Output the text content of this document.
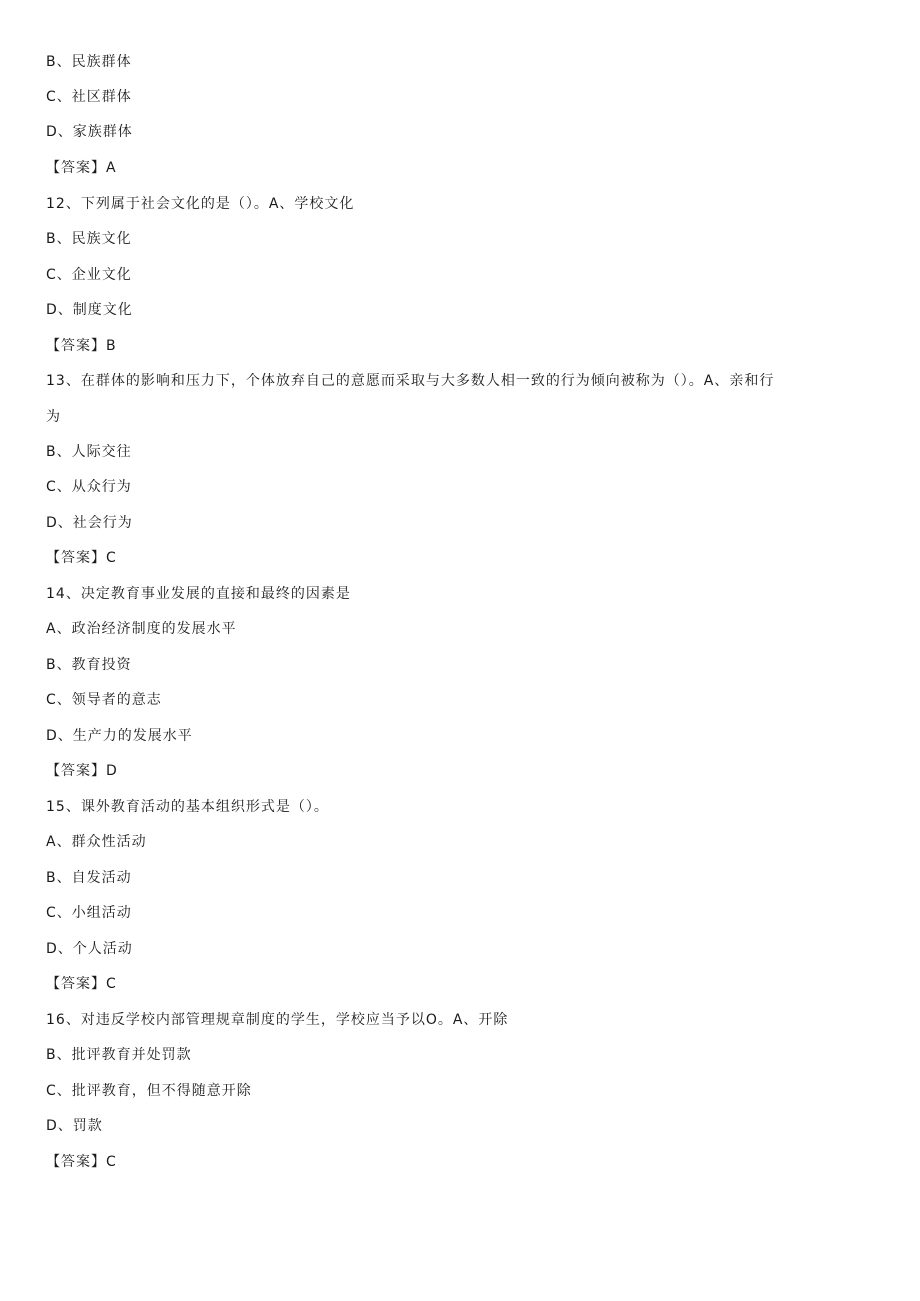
B、民族群体
C、社区群体
D、家族群体
【答案】A
12、下列属于社会文化的是（）。A、学校文化
B、民族文化
C、企业文化
D、制度文化
【答案】B
13、在群体的影响和压力下，个体放弃自己的意愿而采取与大多数人相一致的行为倾向被称为（）。A、亲和行
为
B、人际交往
C、从众行为
D、社会行为
【答案】C
14、决定教育事业发展的直接和最终的因素是
A、政治经济制度的发展水平
B、教育投资
C、领导者的意志
D、生产力的发展水平
【答案】D
15、课外教育活动的基本组织形式是（）。
A、群众性活动
B、自发活动
C、小组活动
D、个人活动
【答案】C
16、对违反学校内部管理规章制度的学生，学校应当予以O。A、开除
B、批评教育并处罚款
C、批评教育，但不得随意开除
D、罚款
【答案】C
